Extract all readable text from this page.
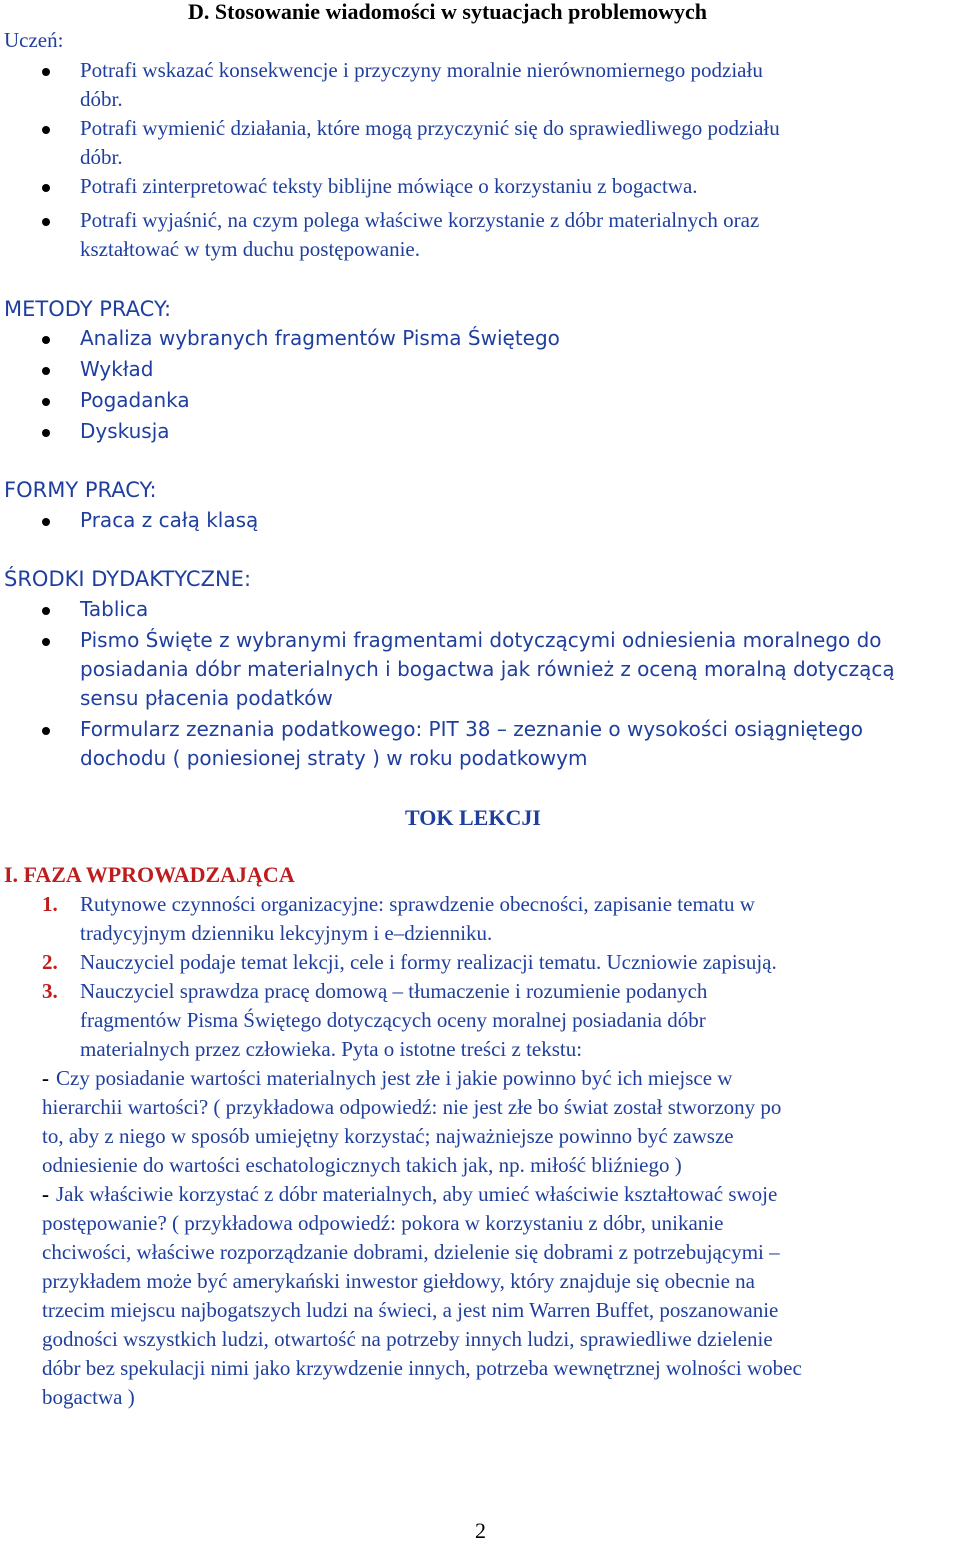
D. Stosowanie wiadomości w sytuacjach problemowych
Uczeń:
Potrafi wskazać konsekwencje i przyczyny moralnie nierównomiernego podziału
dóbr.
Potrafi wymienić działania, które mogą przyczynić się do sprawiedliwego podziału
dóbr.
Potrafi zinterpretować teksty biblijne mówiące o korzystaniu z bogactwa.
Potrafi wyjaśnić, na czym polega właściwe korzystanie z dóbr materialnych oraz
kształtować w tym duchu postępowanie.
METODY PRACY:
Analiza wybranych fragmentów Pisma Świętego
Wykład
Pogadanka
Dyskusja
FORMY PRACY:
Praca z całą klasą
ŚRODKI DYDAKTYCZNE:
Tablica
Pismo Święte z wybranymi fragmentami dotyczącymi odniesienia moralnego do
posiadania dóbr materialnych i bogactwa jak również z oceną moralną dotyczącą
sensu płacenia podatków
Formularz zeznania podatkowego: PIT 38 – zeznanie o wysokości osiągniętego
dochodu ( poniesionej straty ) w roku podatkowym
TOK LEKCJI
I. FAZA WPROWADZAJĄCA
1. Rutynowe czynności organizacyjne: sprawdzenie obecności, zapisanie tematu w
tradycyjnym dzienniku lekcyjnym i e–dzienniku.
2. Nauczyciel podaje temat lekcji, cele i formy realizacji tematu. Uczniowie zapisują.
3. Nauczyciel sprawdza pracę domową – tłumaczenie i rozumienie podanych
fragmentów Pisma Świętego dotyczących oceny moralnej posiadania dóbr
materialnych przez człowieka. Pyta o istotne treści z tekstu:
- Czy posiadanie wartości materialnych jest złe i jakie powinno być ich miejsce w
hierarchii wartości? ( przykładowa odpowiedź: nie jest złe bo świat został stworzony po
to, aby z niego w sposób umiejętny korzystać; najważniejsze powinno być zawsze
odniesienie do wartości eschatologicznych takich jak, np. miłość bliźniego )
- Jak właściwie korzystać z dóbr materialnych, aby umieć właściwie kształtować swoje
postępowanie? ( przykładowa odpowiedź: pokora w korzystaniu z dóbr, unikanie
chciwości, właściwe rozporządzanie dobrami, dzielenie się dobrami z potrzebującymi –
przykładem może być amerykański inwestor giełdowy, który znajduje się obecnie na
trzecim miejscu najbogatszych ludzi na świeci, a jest nim Warren Buffet, poszanowanie
godności wszystkich ludzi, otwartość na potrzeby innych ludzi, sprawiedliwe dzielenie
dóbr bez spekulacji nimi jako krzywdzenie innych, potrzeba wewnętrznej wolności wobec
bogactwa )
2
